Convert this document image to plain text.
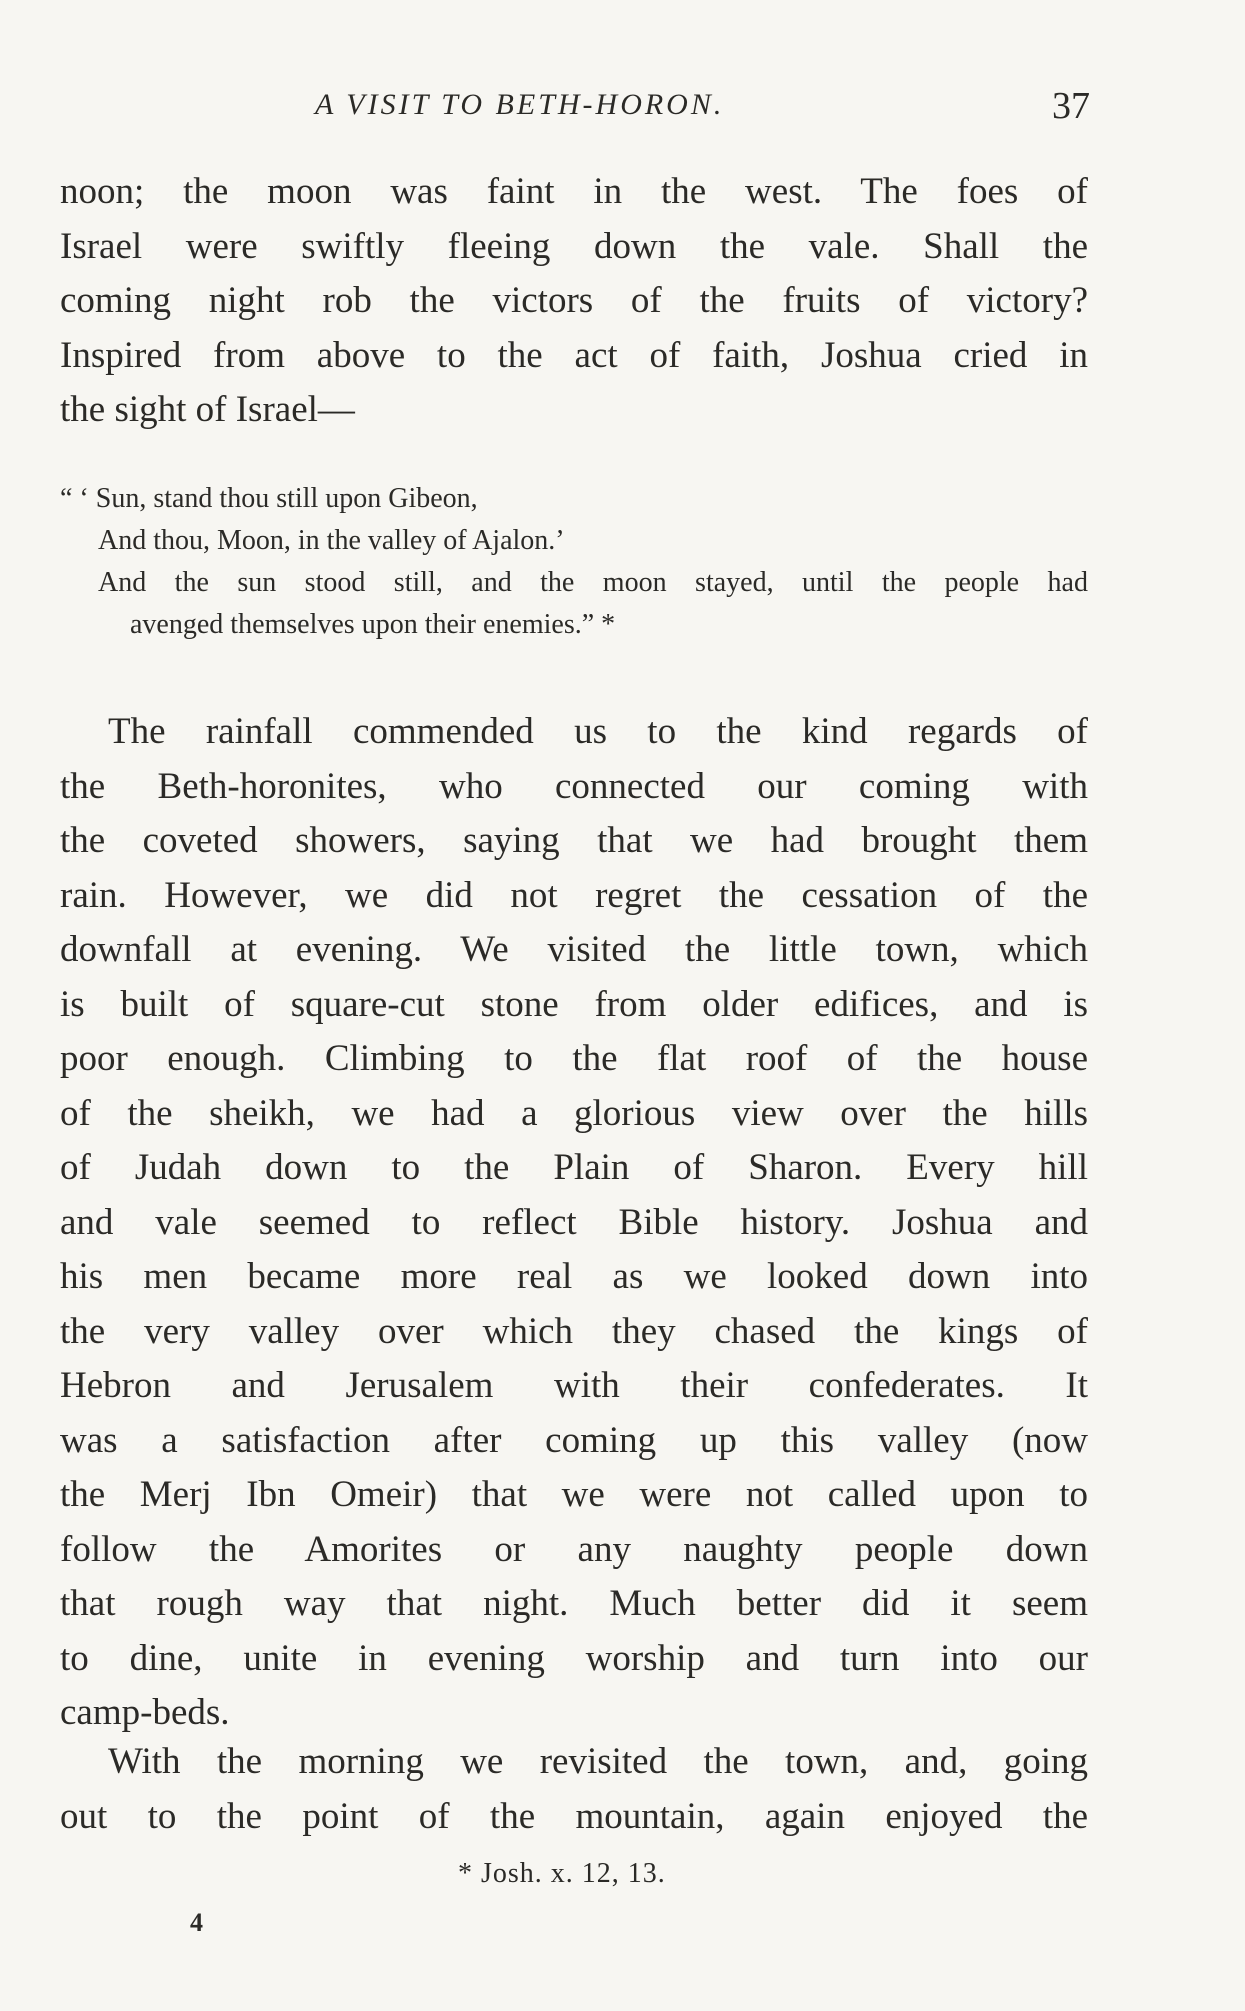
A VISIT TO BETH-HORON.	37
noon; the moon was faint in the west. The foes of
Israel were swiftly fleeing down the vale. Shall the
coming night rob the victors of the fruits of victory?
Inspired from above to the act of faith, Joshua cried in
the sight of Israel—
“ ‘ Sun, stand thou still upon Gibeon,
And thou, Moon, in the valley of Ajalon.’
And the sun stood still, and the moon stayed, until the people had
avenged themselves upon their enemies.” *
The rainfall commended us to the kind regards of
the Beth-horonites, who connected our coming with
the coveted showers, saying that we had brought them
rain. However, we did not regret the cessation of the
downfall at evening. We visited the little town, which
is built of square-cut stone from older edifices, and is
poor enough. Climbing to the flat roof of the house
of the sheikh, we had a glorious view over the hills
of Judah down to the Plain of Sharon. Every hill
and vale seemed to reflect Bible history. Joshua and
his men became more real as we looked down into
the very valley over which they chased the kings of
Hebron and Jerusalem with their confederates. It
was a satisfaction after coming up this valley (now
the Merj Ibn Omeir) that we were not called upon to
follow the Amorites or any naughty people down
that rough way that night. Much better did it seem
to dine, unite in evening worship and turn into our
camp-beds.
With the morning we revisited the town, and, going
out to the point of the mountain, again enjoyed the
* Josh. x. 12, 13.
4
